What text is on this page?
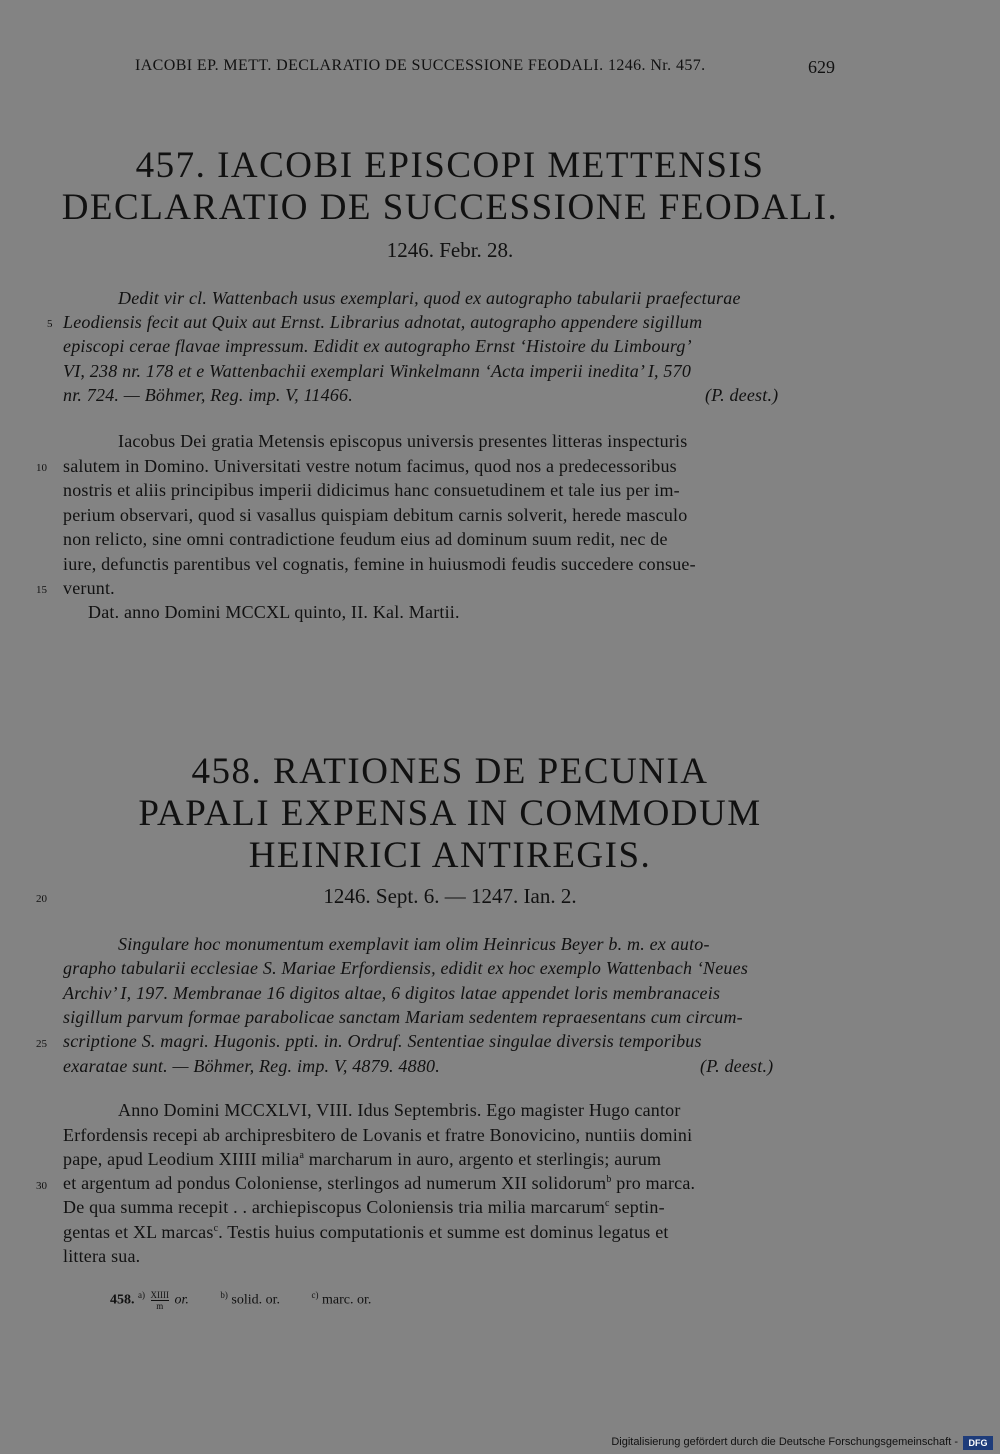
IACOBI EP. METT. DECLARATIO DE SUCCESSIONE FEODALI. 1246. Nr. 457.	629
457. IACOBI EPISCOPI METTENSIS
DECLARATIO DE SUCCESSIONE FEODALI.
1246. Febr. 28.
Dedit vir cl. Wattenbach usus exemplari, quod ex autographo tabularii praefecturae
5 Leodiensis fecit aut Quix aut Ernst. Librarius adnotat, autographo appendere sigillum
episcopi cerae flavae impressum. Edidit ex autographo Ernst ‘Histoire du Limbourg’
VI, 238 nr. 178 et e Wattenbachii exemplari Winkelmann ‘Acta imperii inedita’ I, 570
nr. 724. — Böhmer, Reg. imp. V, 11466.	(P. deest.)
Iacobus Dei gratia Metensis episcopus universis presentes litteras inspecturis
10 salutem in Domino. Universitati vestre notum facimus, quod nos a predecessoribus
nostris et aliis principibus imperii didicimus hanc consuetudinem et tale ius per im-
perium observari, quod si vasallus quispiam debitum carnis solverit, herede masculo
non relicto, sine omni contradictione feudum eius ad dominum suum redit, nec de
iure, defunctis parentibus vel cognatis, femine in huiusmodi feudis succedere consue-
15 verunt.
Dat. anno Domini MCCXL quinto, II. Kal. Martii.
458. RATIONES DE PECUNIA
PAPALI EXPENSA IN COMMODUM
HEINRICI ANTIREGIS.
20	1246. Sept. 6. — 1247. Ian. 2.
Singulare hoc monumentum exemplavit iam olim Heinricus Beyer b. m. ex auto-
grapho tabularii ecclesiae S. Mariae Erfordiensis, edidit ex hoc exemplo Wattenbach ‘Neues
Archiv’ I, 197. Membranae 16 digitos altae, 6 digitos latae appendet loris membranaceis
sigillum parvum formae parabolicae sanctam Mariam sedentem repraesentans cum circum-
25 scriptione S. magri. Hugonis. ppti. in. Ordruf. Sententiae singulae diversis temporibus
exaratae sunt. — Böhmer, Reg. imp. V, 4879. 4880.	(P. deest.)
Anno Domini MCCXLVI, VIII. Idus Septembris. Ego magister Hugo cantor
Erfordensis recepi ab archipresbitero de Lovanis et fratre Bonovicino, nuntiis domini
pape, apud Leodium XIIII milia$^a$ marcharum in auro, argento et sterlingis; aurum
30 et argentum ad pondus Coloniense, sterlingos ad numerum XII solidorum$^b$ pro marca.
De qua summa recepit . . archiepiscopus Coloniensis tria milia marcarum$^c$ septin-
gentas et XL marcas$^c$. Testis huius computationis et summe est dominus legatus et
littera sua.
458. $^{a)} \frac{\text{XIIII}}{m}$ or.	$^{b)}$ solid. or.	$^{c)}$ marc. or.
Digitalisierung gefördert durch die Deutsche Forschungsgemeinschaft -	DFG
